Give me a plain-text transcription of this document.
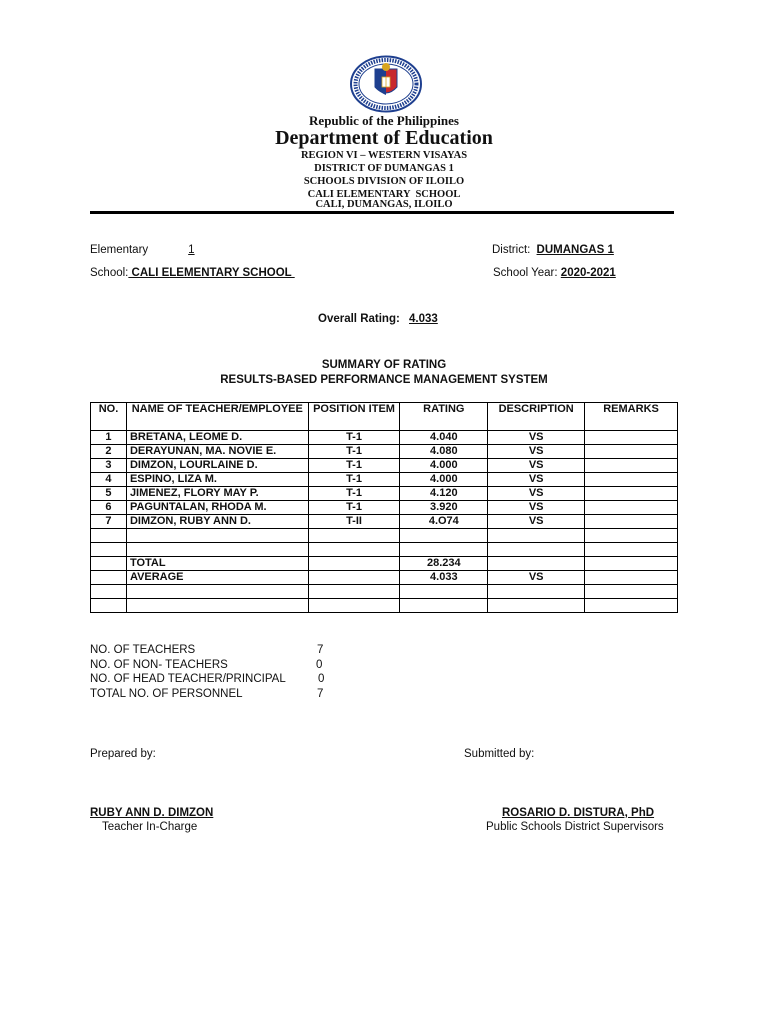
Republic of the Philippines
Department of Education
REGION VI – WESTERN VISAYAS
DISTRICT OF DUMANGAS 1
SCHOOLS DIVISION OF ILOILO
CALI ELEMENTARY  SCHOOL
CALI, DUMANGAS, ILOILO
Elementary	1	District: DUMANGAS 1
School: CALI ELEMENTARY SCHOOL	School Year: 2020-2021
Overall Rating: 4.033
SUMMARY OF RATING
RESULTS-BASED PERFORMANCE MANAGEMENT SYSTEM
NO.	NAME OF TEACHER/EMPLOYEE	POSITION ITEM	RATING	DESCRIPTION	REMARKS
1	BRETANA, LEOME D.	T-1	4.040	VS	
2	DERAYUNAN, MA. NOVIE E.	T-1	4.080	VS	
3	DIMZON, LOURLAINE D.	T-1	4.000	VS	
4	ESPINO, LIZA M.	T-1	4.000	VS	
5	JIMENEZ, FLORY MAY P.	T-1	4.120	VS	
6	PAGUNTALAN, RHODA M.	T-1	3.920	VS	
7	DIMZON, RUBY ANN D.	T-II	4.O74	VS	

	TOTAL		28.234		
	AVERAGE		4.033	VS	

NO. OF TEACHERS	7
NO. OF NON- TEACHERS	0
NO. OF HEAD TEACHER/PRINCIPAL	0
TOTAL NO. OF PERSONNEL	7
Prepared by:	Submitted by:
RUBY ANN D. DIMZON
Teacher In-Charge
ROSARIO D. DISTURA, PhD
Public Schools District Supervisors
